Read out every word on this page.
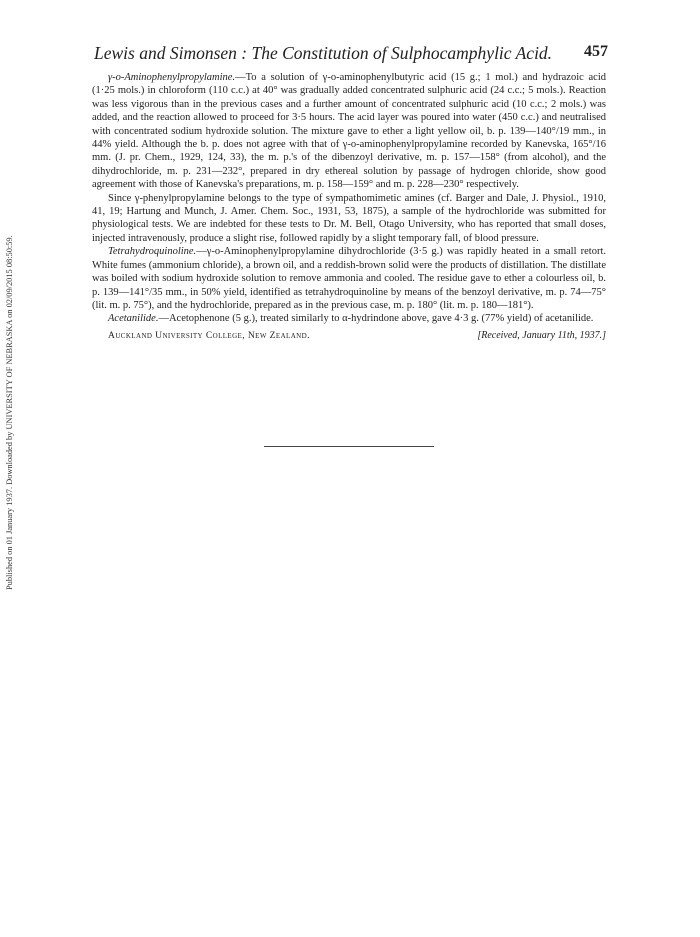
Published on 01 January 1937. Downloaded by UNIVERSITY OF NEBRASKA on 02/09/2015 08:50:59.
Lewis and Simonsen : The Constitution of Sulphocamphylic Acid. 457

γ-o-Aminophenylpropylamine.—To a solution of γ-o-aminophenylbutyric acid (15 g.; 1 mol.) and hydrazoic acid (1·25 mols.) in chloroform (110 c.c.) at 40° was gradually added concentrated sulphuric acid (24 c.c.; 5 mols.). Reaction was less vigorous than in the previous cases and a further amount of concentrated sulphuric acid (10 c.c.; 2 mols.) was added, and the reaction allowed to proceed for 3·5 hours. The acid layer was poured into water (450 c.c.) and neutralised with concentrated sodium hydroxide solution. The mixture gave to ether a light yellow oil, b. p. 139—140°/19 mm., in 44% yield. Although the b. p. does not agree with that of γ-o-aminophenylpropylamine recorded by Kanevska, 165°/16 mm. (J. pr. Chem., 1929, 124, 33), the m. p.'s of the dibenzoyl derivative, m. p. 157—158° (from alcohol), and the dihydrochloride, m. p. 231—232°, prepared in dry ethereal solution by passage of hydrogen chloride, show good agreement with those of Kanevska's preparations, m. p. 158—159° and m. p. 228—230° respectively.

Since γ-phenylpropylamine belongs to the type of sympathomimetic amines (cf. Barger and Dale, J. Physiol., 1910, 41, 19; Hartung and Munch, J. Amer. Chem. Soc., 1931, 53, 1875), a sample of the hydrochloride was submitted for physiological tests. We are indebted for these tests to Dr. M. Bell, Otago University, who has reported that small doses, injected intravenously, produce a slight rise, followed rapidly by a slight temporary fall, of blood pressure.

Tetrahydroquinoline.—γ-o-Aminophenylpropylamine dihydrochloride (3·5 g.) was rapidly heated in a small retort. White fumes (ammonium chloride), a brown oil, and a reddish-brown solid were the products of distillation. The distillate was boiled with sodium hydroxide solution to remove ammonia and cooled. The residue gave to ether a colourless oil, b. p. 139—141°/35 mm., in 50% yield, identified as tetrahydroquinoline by means of the benzoyl derivative, m. p. 74—75° (lit. m. p. 75°), and the hydrochloride, prepared as in the previous case, m. p. 180° (lit. m. p. 180—181°).

Acetanilide.—Acetophenone (5 g.), treated similarly to α-hydrindone above, gave 4·3 g. (77% yield) of acetanilide.

Auckland University College, New Zealand.	[Received, January 11th, 1937.]
